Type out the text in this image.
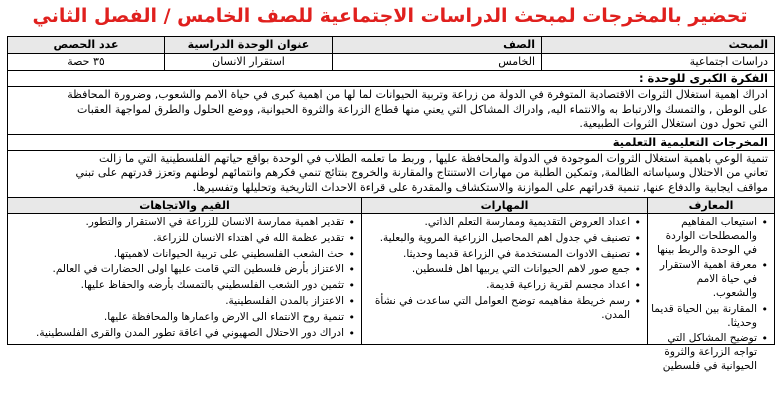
تحضير بالمخرجات لمبحث الدراسات الاجتماعية للصف الخامس / الفصل الثاني
المبحث
الصف
عنوان الوحدة الدراسية
عدد الحصص
دراسات اجتماعية
الخامس
استقرار الانسان
٣٥ حصة
الفكرة الكبرى للوحدة :
ادراك اهمية استغلال الثروات الاقتصادية المتوفرة في الدولة من زراعة وتربية الحيوانات لما لها من اهمية كبرى في حياة الامم والشعوب, وضرورة المحافظة
على الوطن , والتمسك والارتباط به والانتماء اليه, وادراك المشاكل التي يعني منها قطاع الزراعة والثروة الحيوانية, ووضع الحلول والطرق لمواجهة العقبات
التي تحول دون استغلال الثروات الطبيعية.
المخرجات التعليمية التعلمية
تنمية الوعي باهمية استغلال الثروات الموجودة في الدولة والمحافظة عليها , وربط ما تعلمه الطلاب في الوحدة بواقع حياتهم الفلسطينية التي ما زالت
تعاني من الاحتلال وسياساته الظالمة, وتمكين الطلبة من مهارات الاستنتاج والمقارنة والخروج بنتائج تنمي فكرهم وانتمائهم لوطنهم وتعزز قدرتهم على تبني
مواقف ايجابية والدفاع عنها, تنمية قدراتهم على الموازنة والاستكشاف والمقدرة على قراءة الاحداث التاريخية وتحليلها وتفسيرها.
المعارف
المهارات
القيم والاتجاهات
• استيعاب المفاهيم والمصطلحات الواردة في الوحدة والربط بينها
• معرفة اهمية الاستقرار في حياة الامم والشعوب.
• المقارنة بين الحياة قديما وحديثا.
• توضيح المشاكل التي تواجه الزراعة والثروة الحيوانية في فلسطين
• اعداد العروض التقديمية وممارسة التعلم الذاتي.
• تصنيف في جدول اهم المحاصيل الزراعية المروية والبعلية.
• تصنيف الادوات المستخدمة في الزراعة قديما وحديثا.
• جمع صور لاهم الحيوانات التي يربيها اهل فلسطين.
• اعداد مجسم لقرية زراعية قديمة.
• رسم خريطة مفاهيمه توضح العوامل التي ساعدت في نشأة المدن.
• تقدير اهمية ممارسة الانسان للزراعة في الاستقرار والتطور.
• تقدير عظمة الله في اهتداء الانسان للزراعة.
• حث الشعب الفلسطيني على تربية الحيوانات لاهميتها.
• الاعتزاز بأرض فلسطين التي قامت عليها اولى الحضارات في العالم.
• تثمين دور الشعب الفلسطيني بالتمسك بأرضه والحفاظ عليها.
• الاعتزاز بالمدن الفلسطينية.
• تنمية روح الانتماء الى الارض واعمارها والمحافظة عليها.
• ادراك دور الاحتلال الصهيوني في اعاقة تطور المدن والقرى الفلسطينية.
